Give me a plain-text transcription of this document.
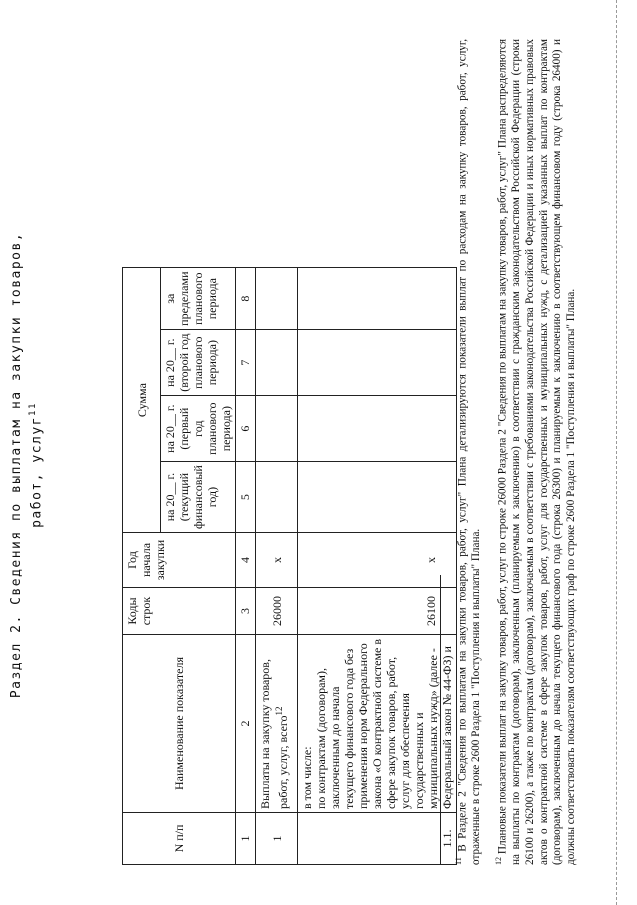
Раздел 2. Сведения по выплатам на закупки товаров, работ, услуг$^{11}$
N п/п	Наименование показателя	Коды строк	Год начала закупки	Сумма			
				на 20__ г. (текущий финансовый год)	на 20__ г. (первый год планового периода)	на 20__ г. (второй год планового периода)	за пределами планового периода
1	2	3	4	5	6	7	8
1	Выплаты на закупку товаров, работ, услуг, всего$^{12}$	26000	х				
1.1.	в том числе: по контрактам (договорам), заключенным до начала текущего финансового года без применения норм Федерального закона «О контрактной системе в сфере закупок товаров, работ, услуг для обеспечения государственных и муниципальных нужд» (далее - Федеральный закон № 44-ФЗ) и	26100	х				
$^{11}$ В Разделе 2 "Сведения по выплатам на закупки товаров, работ, услуг" Плана детализируются показатели выплат по расходам на закупку товаров, работ, услуг, отраженные в строке 2600 Раздела 1 "Поступления и выплаты" Плана. $^{12}$ Плановые показатели выплат на закупку товаров, работ, услуг по строке 26000 Раздела 2 "Сведения по выплатам на закупку товаров, работ, услуг" Плана распределяются на выплаты по контрактам (договорам), заключенным (планируемым к заключению) в соответствии с гражданским законодательством Российской Федерации (строки 26100 и 26200), а также по контрактам (договорам), заключаемым в соответствии с требованиями законодательства Российской Федерации и иных нормативных правовых актов о контрактной системе в сфере закупок товаров, работ, услуг для государственных и муниципальных нужд, с детализацией указанных выплат по контрактам (договорам), заключенным до начала текущего финансового года (строка 26300) и планируемым к заключению в соответствующем финансовом году (строка 26400) и должны соответствовать показателям соответствующих граф по строке 2600 Раздела 1 "Поступления и выплаты" Плана.
